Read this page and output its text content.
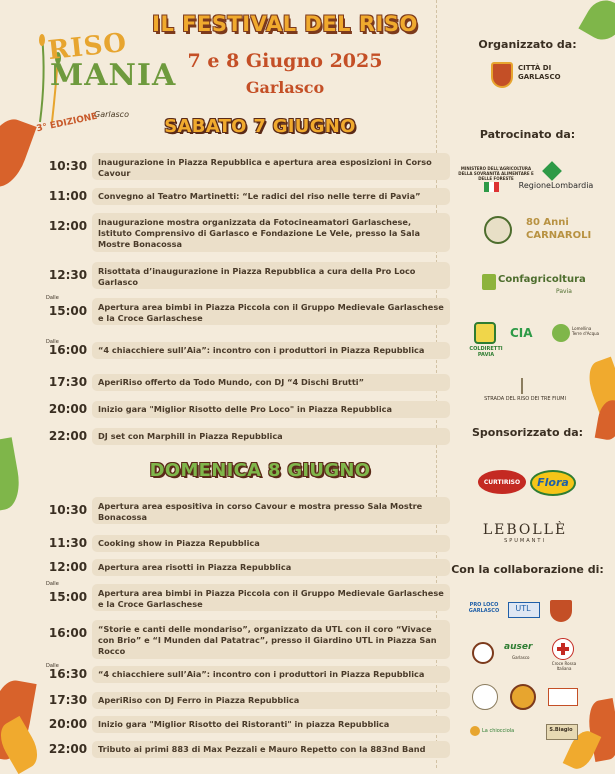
RISO
MANIA
Garlasco
3° EDIZIONE
IL FESTIVAL DEL RISO
7 e 8 Giugno 2025
Garlasco
SABATO 7 GIUGNO
10:30	Inaugurazione in Piazza Repubblica e apertura area esposizioni in Corso Cavour
11:00	Convegno al Teatro Martinetti: “Le radici del riso nelle terre di Pavia”
12:00	Inaugurazione mostra organizzata da Fotocineamatori Garlaschese, Istituto Comprensivo di Garlasco e Fondazione Le Vele, presso la Sala Mostre Bonacossa
12:30	Risottata d’inaugurazione in Piazza Repubblica a cura della Pro Loco Garlasco
Dalle
15:00	Apertura area bimbi in Piazza Piccola con il Gruppo Medievale Garlaschese e la Croce Garlaschese
Dalle
16:00	“4 chiacchiere sull’Aia”: incontro con i produttori in Piazza Repubblica
17:30	AperiRiso offerto da Todo Mundo, con DJ “4 Dischi Brutti”
20:00	Inizio gara "Miglior Risotto delle Pro Loco" in Piazza Repubblica
22:00	DJ set con Marphill in Piazza Repubblica
DOMENICA 8 GIUGNO
10:30	Apertura area espositiva in corso Cavour e mostra presso Sala Mostre Bonacossa
11:30	Cooking show in Piazza Repubblica
12:00	Apertura area risotti in Piazza Repubblica
Dalle
15:00	Apertura area bimbi in Piazza Piccola con il Gruppo Medievale Garlaschese e la Croce Garlaschese
16:00	“Storie e canti delle mondariso”, organizzato da UTL con il coro “Vivace con Brio” e “I Munden dal Patatrac”, presso il Giardino UTL in Piazza San Rocco
Dalle
16:30	“4 chiacchiere sull’Aia”: incontro con i produttori in Piazza Repubblica
17:30	AperiRiso con DJ Ferro in Piazza Repubblica
20:00	Inizio gara "Miglior Risotto dei Ristoranti" in piazza Repubblica
22:00	Tributo ai primi 883 di Max Pezzali e Mauro Repetto con la 883nd Band
Organizzato da:
CITTÀ DI GARLASCO
Patrocinato da:
MINISTERO DELL'AGRICOLTURA DELLA SOVRANITÀ ALIMENTARE E DELLE FORESTE
RegioneLombardia
80 Anni CARNAROLI
Confagricoltura
Pavia
COLDIRETTI PAVIA
CIA	Lomellina Terre d'Acqua
STRADA DEL RISO DEI TRE FIUMI
Sponsorizzato da:
CURTIRISO	Flora
LEBOLLÈ
SPUMANTI
Con la collaborazione di:
PRO LOCO GARLASCO	UTL
auser
Garlasco
Croce Rossa Italiana
La chiocciola	S.Biagio
